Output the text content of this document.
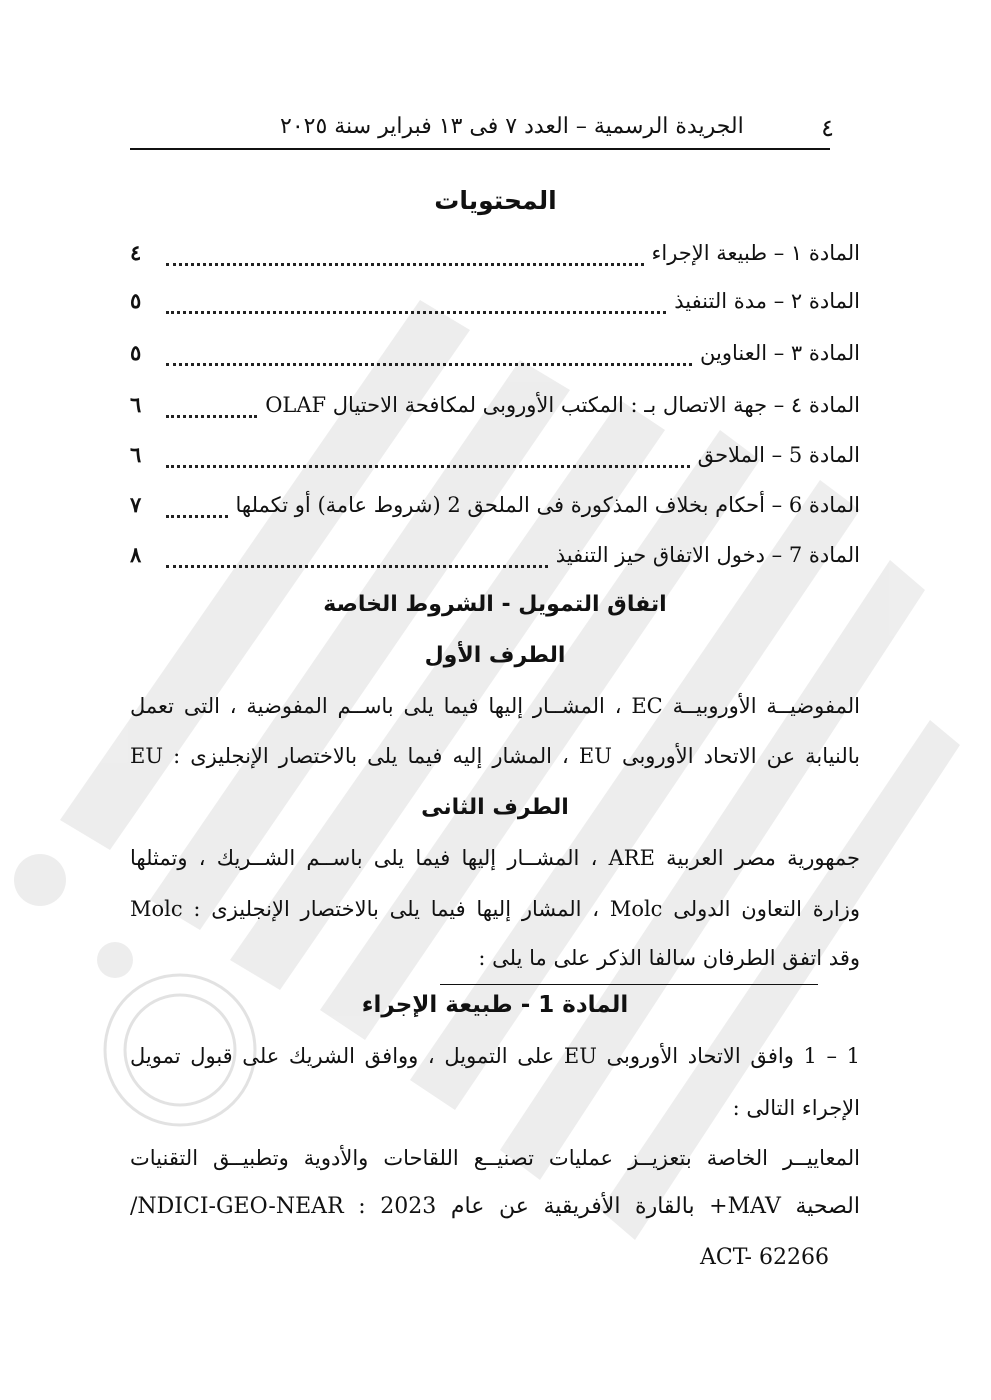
٤
الجريدة الرسمية – العدد ٧ فى ١٣ فبراير سنة ٢٠٢٥
المحتويات
المادة ١ – طبيعة الإجراء
٤
المادة ٢ – مدة التنفيذ
٥
المادة ٣ – العناوين
٥
المادة ٤ – جهة الاتصال بـ : المكتب الأوروبى لمكافحة الاحتيال OLAF
٦
المادة 5 – الملاحق
٦
المادة 6 – أحكام بخلاف المذكورة فى الملحق 2 (شروط عامة) أو تكملها
٧
المادة 7 – دخول الاتفاق حيز التنفيذ
٨
اتفاق التمويل - الشروط الخاصة
الطرف الأول
المفوضيــة الأوروبيــة EC ، المشــار إليها فيما يلى باســم المفوضية ، التى تعمل
بالنيابة عن الاتحاد الأوروبى EU ، المشار إليه فيما يلى بالاختصار الإنجليزى : EU
الطرف الثانى
جمهورية مصر العربية ARE ، المشــار إليها فيما يلى باســم الشــريك ، وتمثلها
وزارة التعاون الدولى Molc ، المشار إليها فيما يلى بالاختصار الإنجليزى : Molc
وقد اتفق الطرفان سالفا الذكر على ما يلى :
المادة 1 - طبيعة الإجراء
1 – 1 وافق الاتحاد الأوروبى EU على التمويل ، ووافق الشريك على قبول تمويل
الإجراء التالى :
المعاييــر الخاصة بتعزيــز عمليات تصنيــع اللقاحات والأدوية وتطبيــق التقنيات
الصحية MAV+ بالقارة الأفريقية عن عام 2023 : NDICI-GEO-NEAR/
ACT- 62266
